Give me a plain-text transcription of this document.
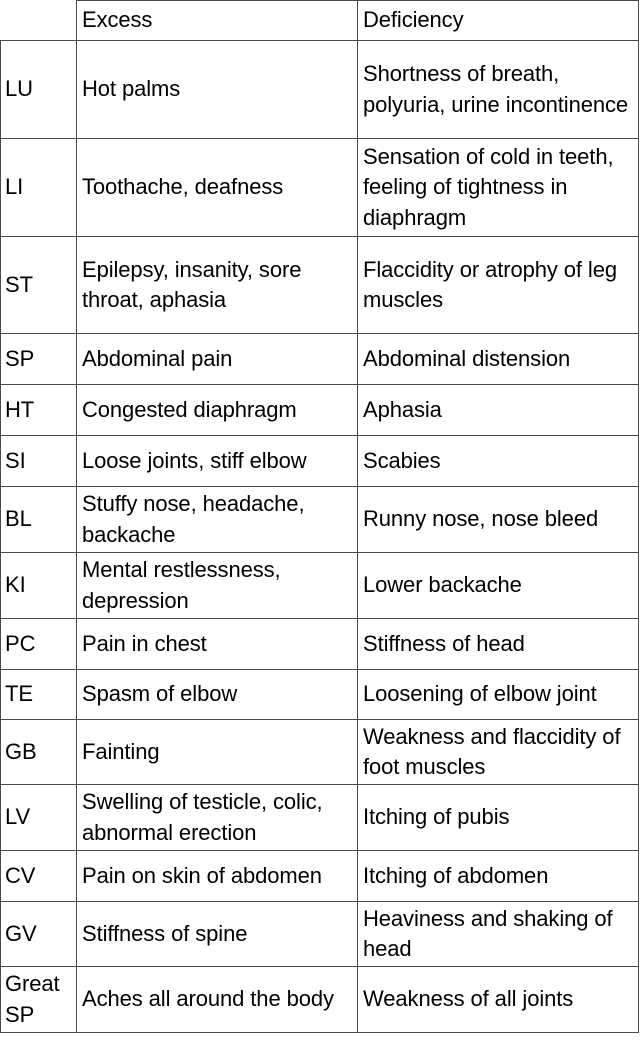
	Excess	Deficiency
LU	Hot palms	Shortness of breath, polyuria, urine incontinence
LI	Toothache, deafness	Sensation of cold in teeth, feeling of tightness in diaphragm
ST	Epilepsy, insanity, sore throat, aphasia	Flaccidity or atrophy of leg muscles
SP	Abdominal pain	Abdominal distension
HT	Congested diaphragm	Aphasia
SI	Loose joints, stiff elbow	Scabies
BL	Stuffy nose, headache, backache	Runny nose, nose bleed
KI	Mental restlessness, depression	Lower backache
PC	Pain in chest	Stiffness of head
TE	Spasm of elbow	Loosening of elbow joint
GB	Fainting	Weakness and flaccidity of foot muscles
LV	Swelling of testicle, colic, abnormal erection	Itching of pubis
CV	Pain on skin of abdomen	Itching of abdomen
GV	Stiffness of spine	Heaviness and shaking of head
Great SP	Aches all around the body	Weakness of all joints
